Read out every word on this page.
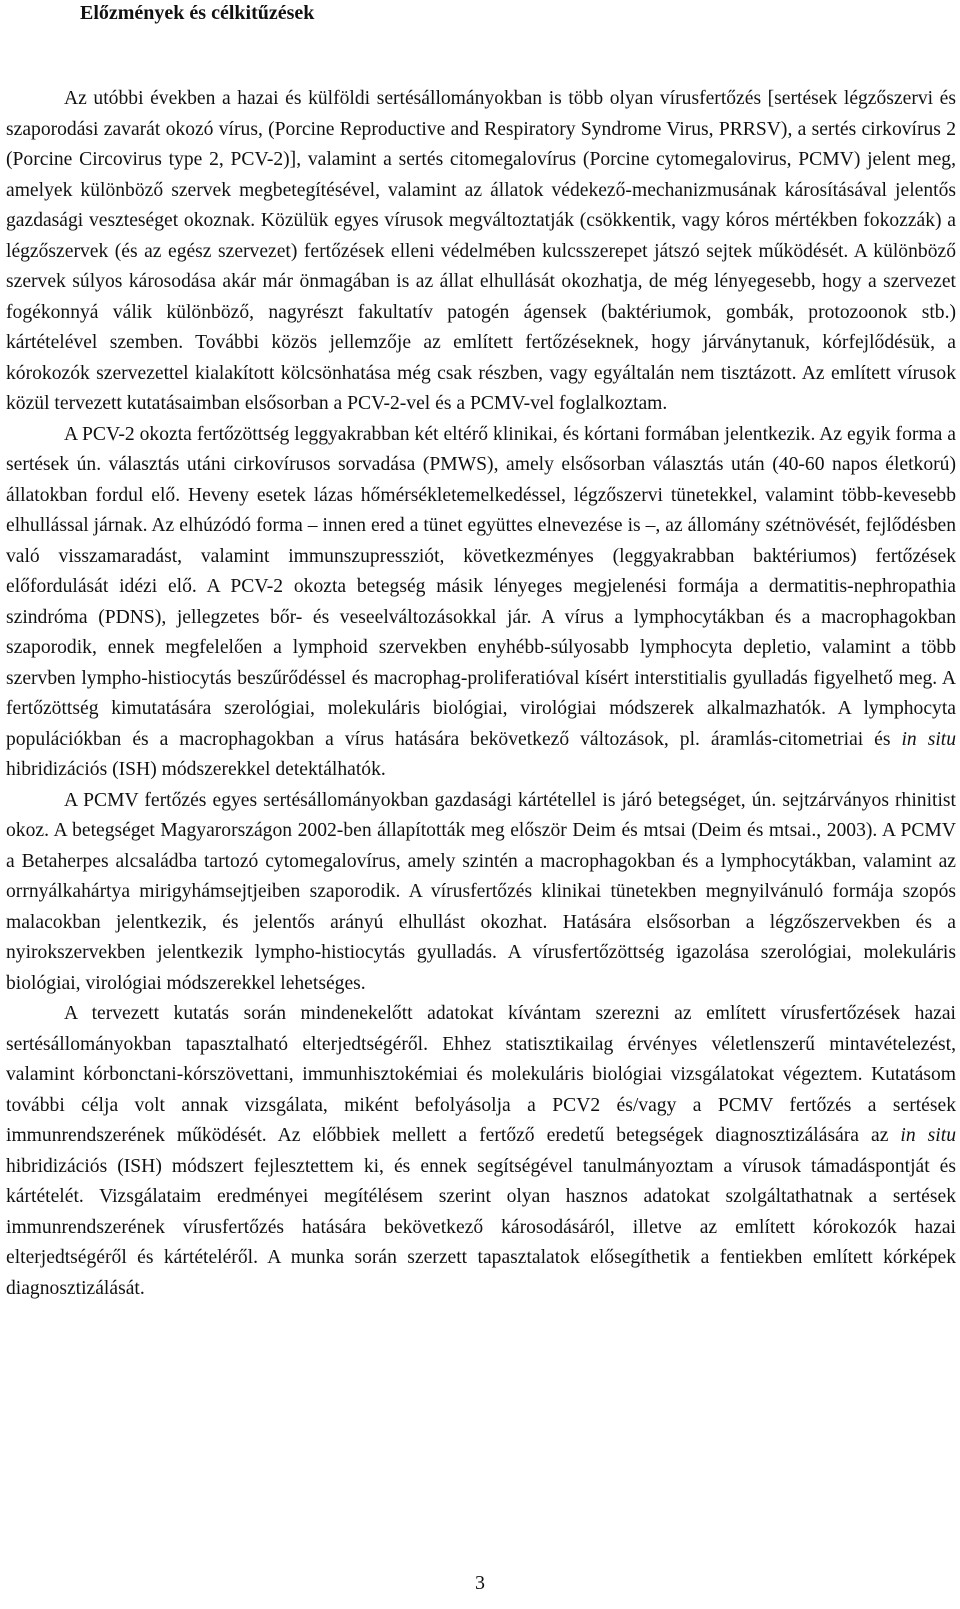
Előzmények és célkitűzések

Az utóbbi években a hazai és külföldi sertésállományokban is több olyan vírusfertőzés [sertések légzőszervi és szaporodási zavarát okozó vírus, (Porcine Reproductive and Respiratory Syndrome Virus, PRRSV), a sertés cirkovírus 2 (Porcine Circovirus type 2, PCV-2)], valamint a sertés citomegalovírus (Porcine cytomegalovirus, PCMV) jelent meg, amelyek különböző szervek megbetegítésével, valamint az állatok védekező-mechanizmusának károsításával jelentős gazdasági veszteséget okoznak. Közülük egyes vírusok megváltoztatják (csökkentik, vagy kóros mértékben fokozzák) a légzőszervek (és az egész szervezet) fertőzések elleni védelmében kulcsszerepet játszó sejtek működését. A különböző szervek súlyos károsodása akár már önmagában is az állat elhullását okozhatja, de még lényegesebb, hogy a szervezet fogékonnyá válik különböző, nagyrészt fakultatív patogén ágensek (baktériumok, gombák, protozoonok stb.) kártételével szemben. További közös jellemzője az említett fertőzéseknek, hogy járványtanuk, kórfejlődésük, a kórokozók szervezettel kialakított kölcsönhatása még csak részben, vagy egyáltalán nem tisztázott. Az említett vírusok közül tervezett kutatásaimban elsősorban a PCV-2-vel és a PCMV-vel foglalkoztam.

A PCV-2 okozta fertőzöttség leggyakrabban két eltérő klinikai, és kórtani formában jelentkezik. Az egyik forma a sertések ún. választás utáni cirkovírusos sorvadása (PMWS), amely elsősorban választás után (40-60 napos életkorú) állatokban fordul elő. Heveny esetek lázas hőmérsékletemelkedéssel, légzőszervi tünetekkel, valamint több-kevesebb elhullással járnak. Az elhúzódó forma – innen ered a tünet együttes elnevezése is –, az állomány szétnövését, fejlődésben való visszamaradást, valamint immunszupressziót, következményes (leggyakrabban baktériumos) fertőzések előfordulását idézi elő. A PCV-2 okozta betegség másik lényeges megjelenési formája a dermatitis-nephropathia szindróma (PDNS), jellegzetes bőr- és veseelváltozásokkal jár. A vírus a lymphocytákban és a macrophagokban szaporodik, ennek megfelelően a lymphoid szervekben enyhébb-súlyosabb lymphocyta depletio, valamint a több szervben lympho-histiocytás beszűrődéssel és macrophag-proliferatióval kísért interstitialis gyulladás figyelhető meg. A fertőzöttség kimutatására szerológiai, molekuláris biológiai, virológiai módszerek alkalmazhatók. A lymphocyta populációkban és a macrophagokban a vírus hatására bekövetkező változások, pl. áramlás-citometriai és in situ hibridizációs (ISH) módszerekkel detektálhatók.

A PCMV fertőzés egyes sertésállományokban gazdasági kártétellel is járó betegséget, ún. sejtzárványos rhinitist okoz. A betegséget Magyarországon 2002-ben állapították meg először Deim és mtsai (Deim és mtsai., 2003). A PCMV a Betaherpes alcsaládba tartozó cytomegalovírus, amely szintén a macrophagokban és a lymphocytákban, valamint az orrnyálkahártya mirigyhámsejtjeiben szaporodik. A vírusfertőzés klinikai tünetekben megnyilvánuló formája szopós malacokban jelentkezik, és jelentős arányú elhullást okozhat. Hatására elsősorban a légzőszervekben és a nyirokszervekben jelentkezik lympho-histiocytás gyulladás. A vírusfertőzöttség igazolása szerológiai, molekuláris biológiai, virológiai módszerekkel lehetséges.

A tervezett kutatás során mindenekelőtt adatokat kívántam szerezni az említett vírusfertőzések hazai sertésállományokban tapasztalható elterjedtségéről. Ehhez statisztikailag érvényes véletlenszerű mintavételezést, valamint kórbonctani-kórszövettani, immunhisztokémiai és molekuláris biológiai vizsgálatokat végeztem. Kutatásom további célja volt annak vizsgálata, miként befolyásolja a PCV2 és/vagy a PCMV fertőzés a sertések immunrendszerének működését. Az előbbiek mellett a fertőző eredetű betegségek diagnosztizálására az in situ hibridizációs (ISH) módszert fejlesztettem ki, és ennek segítségével tanulmányoztam a vírusok támadáspontját és kártételét. Vizsgálataim eredményei megítélésem szerint olyan hasznos adatokat szolgáltathatnak a sertések immunrendszerének vírusfertőzés hatására bekövetkező károsodásáról, illetve az említett kórokozók hazai elterjedtségéről és kártételéről. A munka során szerzett tapasztalatok elősegíthetik a fentiekben említett kórképek diagnosztizálását.

3
